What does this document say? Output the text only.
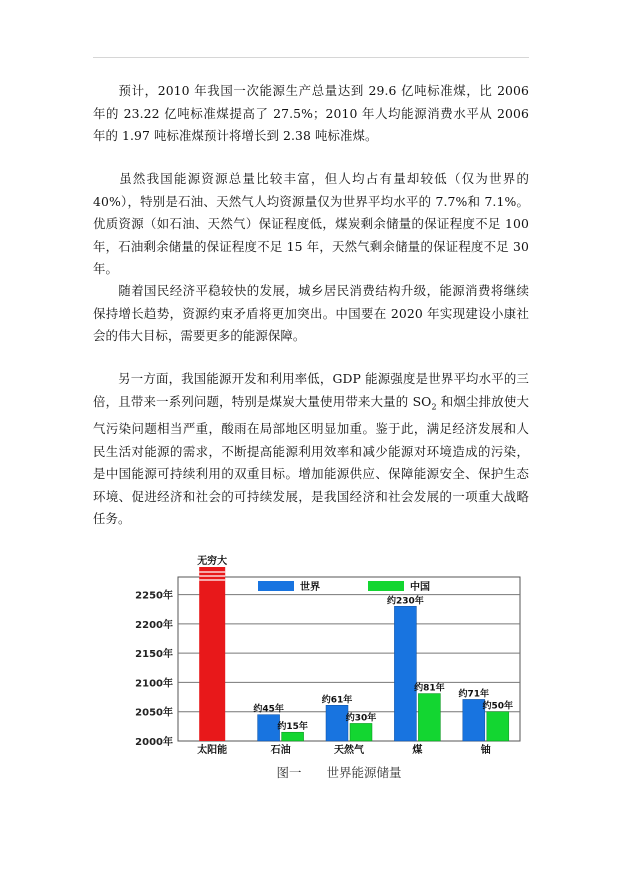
预计，2010 年我国一次能源生产总量达到 29.6 亿吨标准煤，比 2006 年的 23.22 亿吨标准煤提高了 27.5%；2010 年人均能源消费水平从 2006 年的 1.97 吨标准煤预计将增长到 2.38 吨标准煤。

虽然我国能源资源总量比较丰富，但人均占有量却较低（仅为世界的 40%），特别是石油、天然气人均资源量仅为世界平均水平的 7.7%和 7.1%。优质资源（如石油、天然气）保证程度低，煤炭剩余储量的保证程度不足 100 年，石油剩余储量的保证程度不足 15 年，天然气剩余储量的保证程度不足 30 年。

随着国民经济平稳较快的发展，城乡居民消费结构升级，能源消费将继续保持增长趋势，资源约束矛盾将更加突出。中国要在 2020 年实现建设小康社会的伟大目标，需要更多的能源保障。

另一方面，我国能源开发和利用率低，GDP 能源强度是世界平均水平的三倍，且带来一系列问题，特别是煤炭大量使用带来大量的 $SO_2$ 和烟尘排放使大气污染问题相当严重，酸雨在局部地区明显加重。鉴于此，满足经济发展和人民生活对能源的需求，不断提高能源利用效率和减少能源对环境造成的污染，是中国能源可持续利用的双重目标。增加能源供应、保障能源安全、保护生态环境、促进经济和社会的可持续发展，是我国经济和社会发展的一项重大战略任务。

2000年
2050年
2100年
2150年
2200年
2250年
无穷大
太阳能
约45年
约15年
石油
约61年
约30年
天然气
约230年
约81年
煤
约71年
约50年
铀
世界	中国
图一　　世界能源储量
